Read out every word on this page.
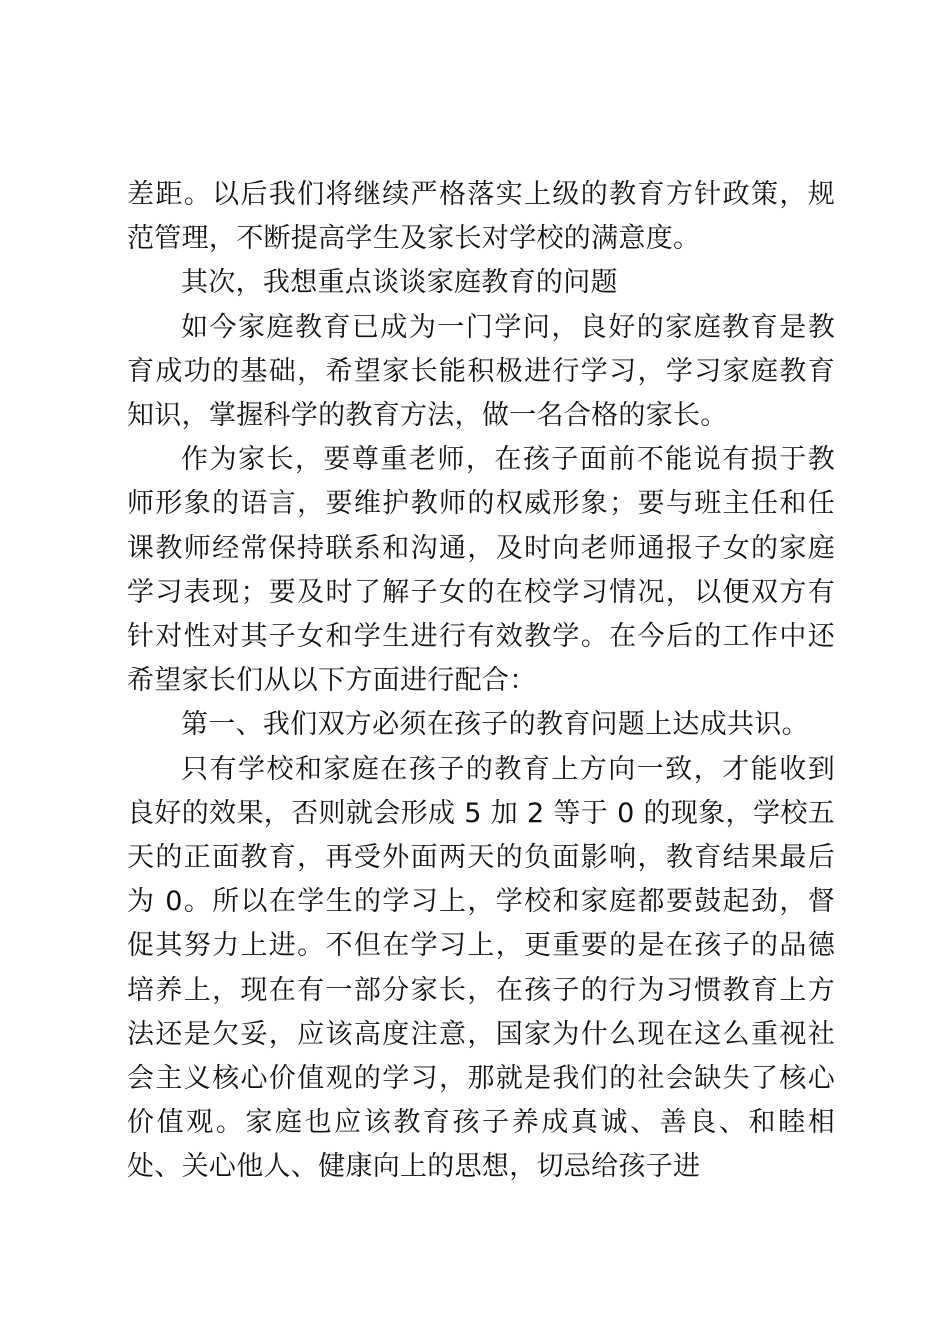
差距。以后我们将继续严格落实上级的教育方针政策，规范管理，不断提高学生及家长对学校的满意度。

其次，我想重点谈谈家庭教育的问题

如今家庭教育已成为一门学问，良好的家庭教育是教育成功的基础，希望家长能积极进行学习，学习家庭教育知识，掌握科学的教育方法，做一名合格的家长。

作为家长，要尊重老师，在孩子面前不能说有损于教师形象的语言，要维护教师的权威形象；要与班主任和任课教师经常保持联系和沟通，及时向老师通报子女的家庭学习表现；要及时了解子女的在校学习情况，以便双方有针对性对其子女和学生进行有效教学。在今后的工作中还希望家长们从以下方面进行配合：

第一、我们双方必须在孩子的教育问题上达成共识。

只有学校和家庭在孩子的教育上方向一致，才能收到良好的效果，否则就会形成 5 加 2 等于 0 的现象，学校五天的正面教育，再受外面两天的负面影响，教育结果最后为 0。所以在学生的学习上，学校和家庭都要鼓起劲，督促其努力上进。不但在学习上，更重要的是在孩子的品德培养上，现在有一部分家长，在孩子的行为习惯教育上方法还是欠妥，应该高度注意，国家为什么现在这么重视社会主义核心价值观的学习，那就是我们的社会缺失了核心价值观。家庭也应该教育孩子养成真诚、善良、和睦相处、关心他人、健康向上的思想，切忌给孩子进
